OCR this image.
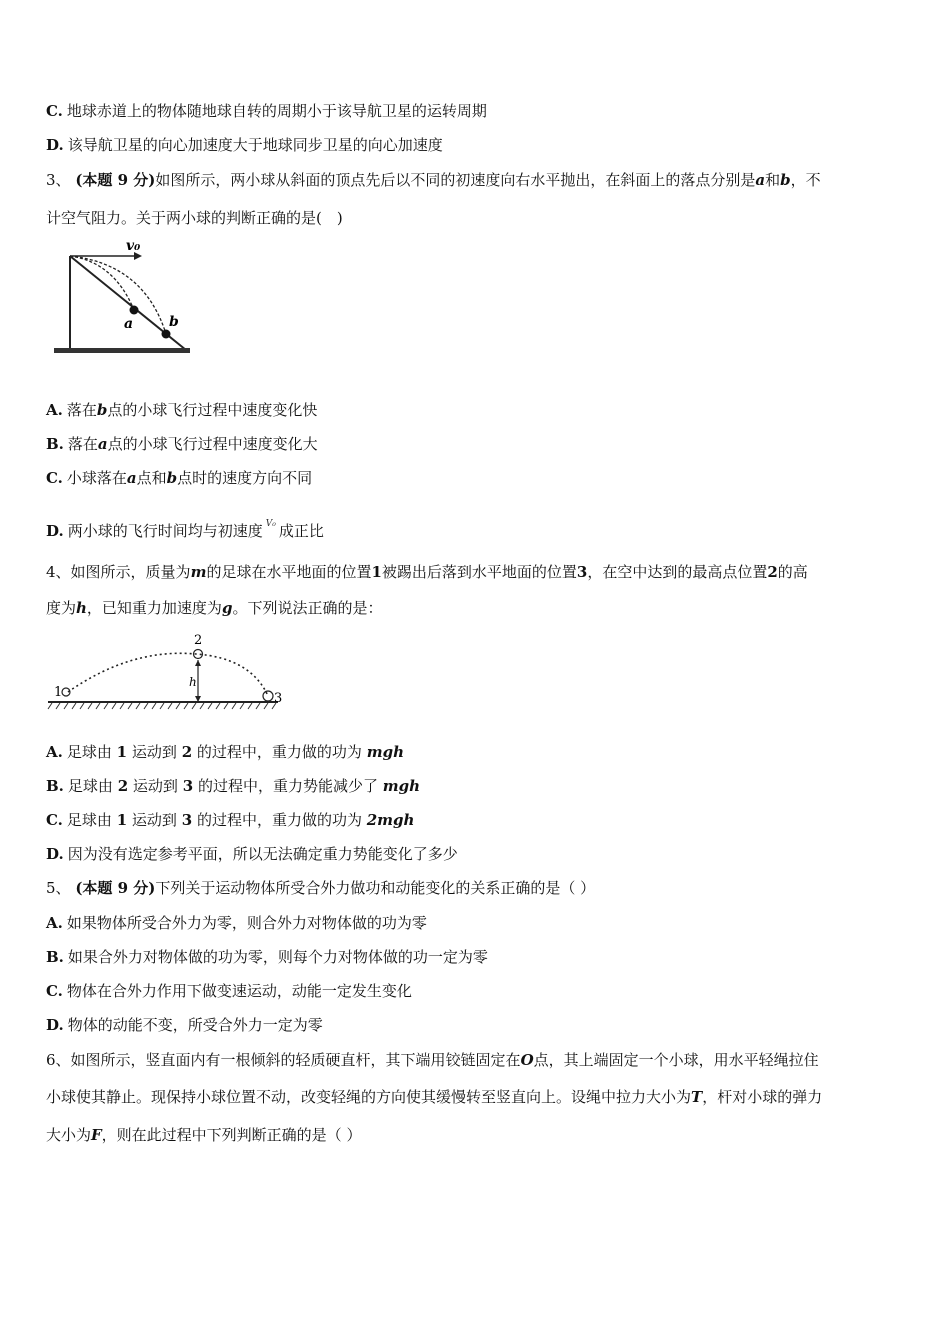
C. 地球赤道上的物体随地球自转的周期小于该导航卫星的运转周期
D. 该导航卫星的向心加速度大于地球同步卫星的向心加速度
3、 (本题 9 分)如图所示，两小球从斜面的顶点先后以不同的初速度向右水平抛出，在斜面上的落点分别是a和b，不
计空气阻力。关于两小球的判断正确的是(　)
v₀
a	b
A. 落在b点的小球飞行过程中速度变化快
B. 落在a点的小球飞行过程中速度变化大
C. 小球落在a点和b点时的速度方向不同
D. 两小球的飞行时间均与初速度 $^{V_0}$ 成正比
4、如图所示，质量为m的足球在水平地面的位置1被踢出后落到水平地面的位置3，在空中达到的最高点位置2的高
度为h，已知重力加速度为g。下列说法正确的是：
1
2
3
h
A. 足球由 1 运动到 2 的过程中，重力做的功为 mgh
B. 足球由 2 运动到 3 的过程中，重力势能减少了 mgh
C. 足球由 1 运动到 3 的过程中，重力做的功为 2mgh
D. 因为没有选定参考平面，所以无法确定重力势能变化了多少
5、 (本题 9 分)下列关于运动物体所受合外力做功和动能变化的关系正确的是（ ）
A. 如果物体所受合外力为零，则合外力对物体做的功为零
B. 如果合外力对物体做的功为零，则每个力对物体做的功一定为零
C. 物体在合外力作用下做变速运动，动能一定发生变化
D. 物体的动能不变，所受合外力一定为零
6、如图所示，竖直面内有一根倾斜的轻质硬直杆，其下端用铰链固定在O点，其上端固定一个小球，用水平轻绳拉住
小球使其静止。现保持小球位置不动，改变轻绳的方向使其缓慢转至竖直向上。设绳中拉力大小为T，杆对小球的弹力
大小为F，则在此过程中下列判断正确的是（ ）
